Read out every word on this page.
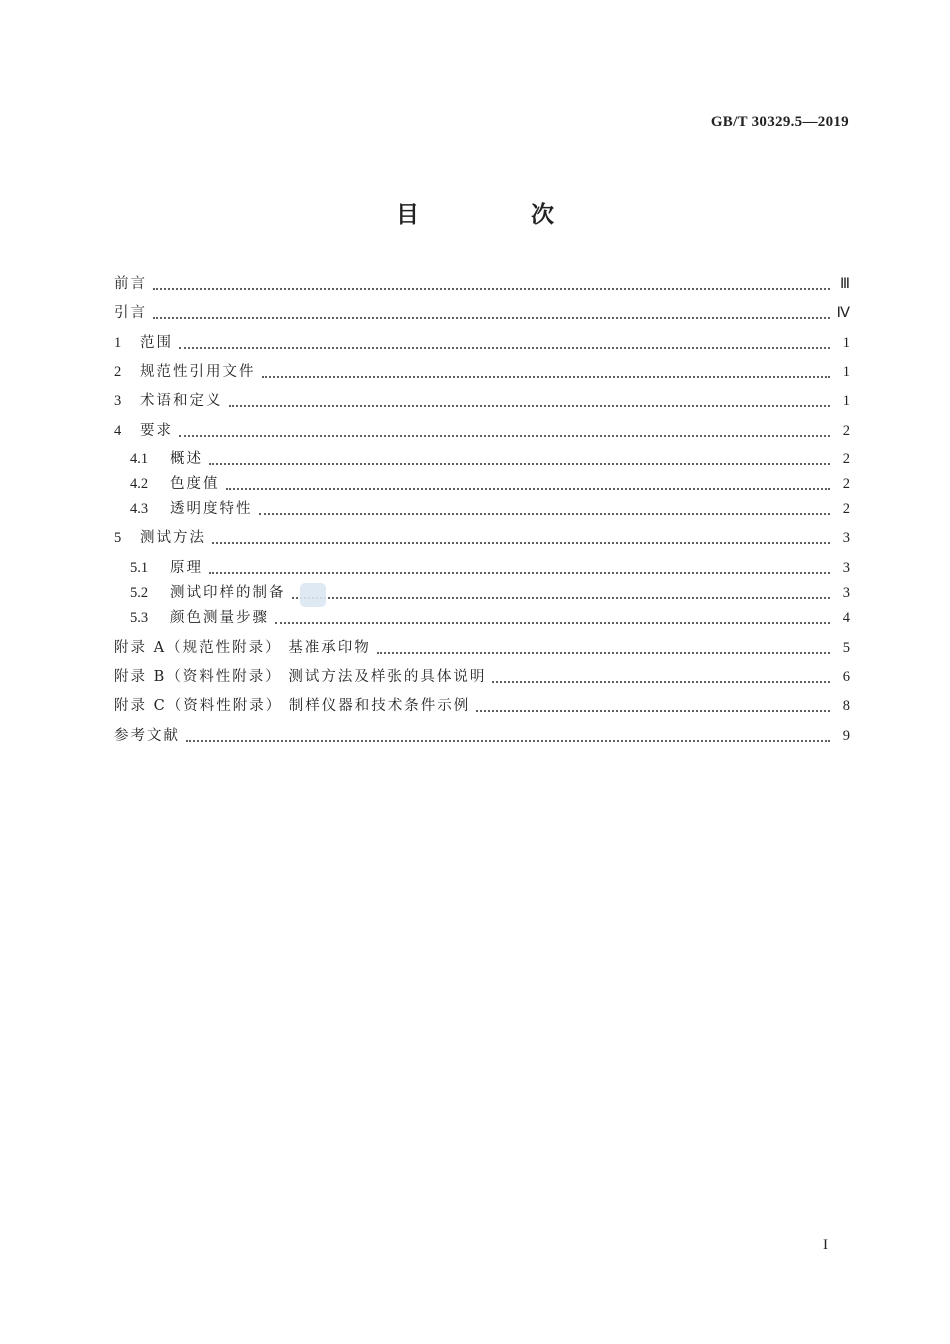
GB/T 30329.5—2019
目 次
前言	Ⅲ
引言	Ⅳ
1	范围	1
2	规范性引用文件	1
3	术语和定义	1
4	要求	2
4.1	概述	2
4.2	色度值	2
4.3	透明度特性	2
5	测试方法	3
5.1	原理	3
5.2	测试印样的制备	3
5.3	颜色测量步骤	4
附录 A（规范性附录） 基准承印物	5
附录 B（资料性附录） 测试方法及样张的具体说明	6
附录 C（资料性附录） 制样仪器和技术条件示例	8
参考文献	9
I
